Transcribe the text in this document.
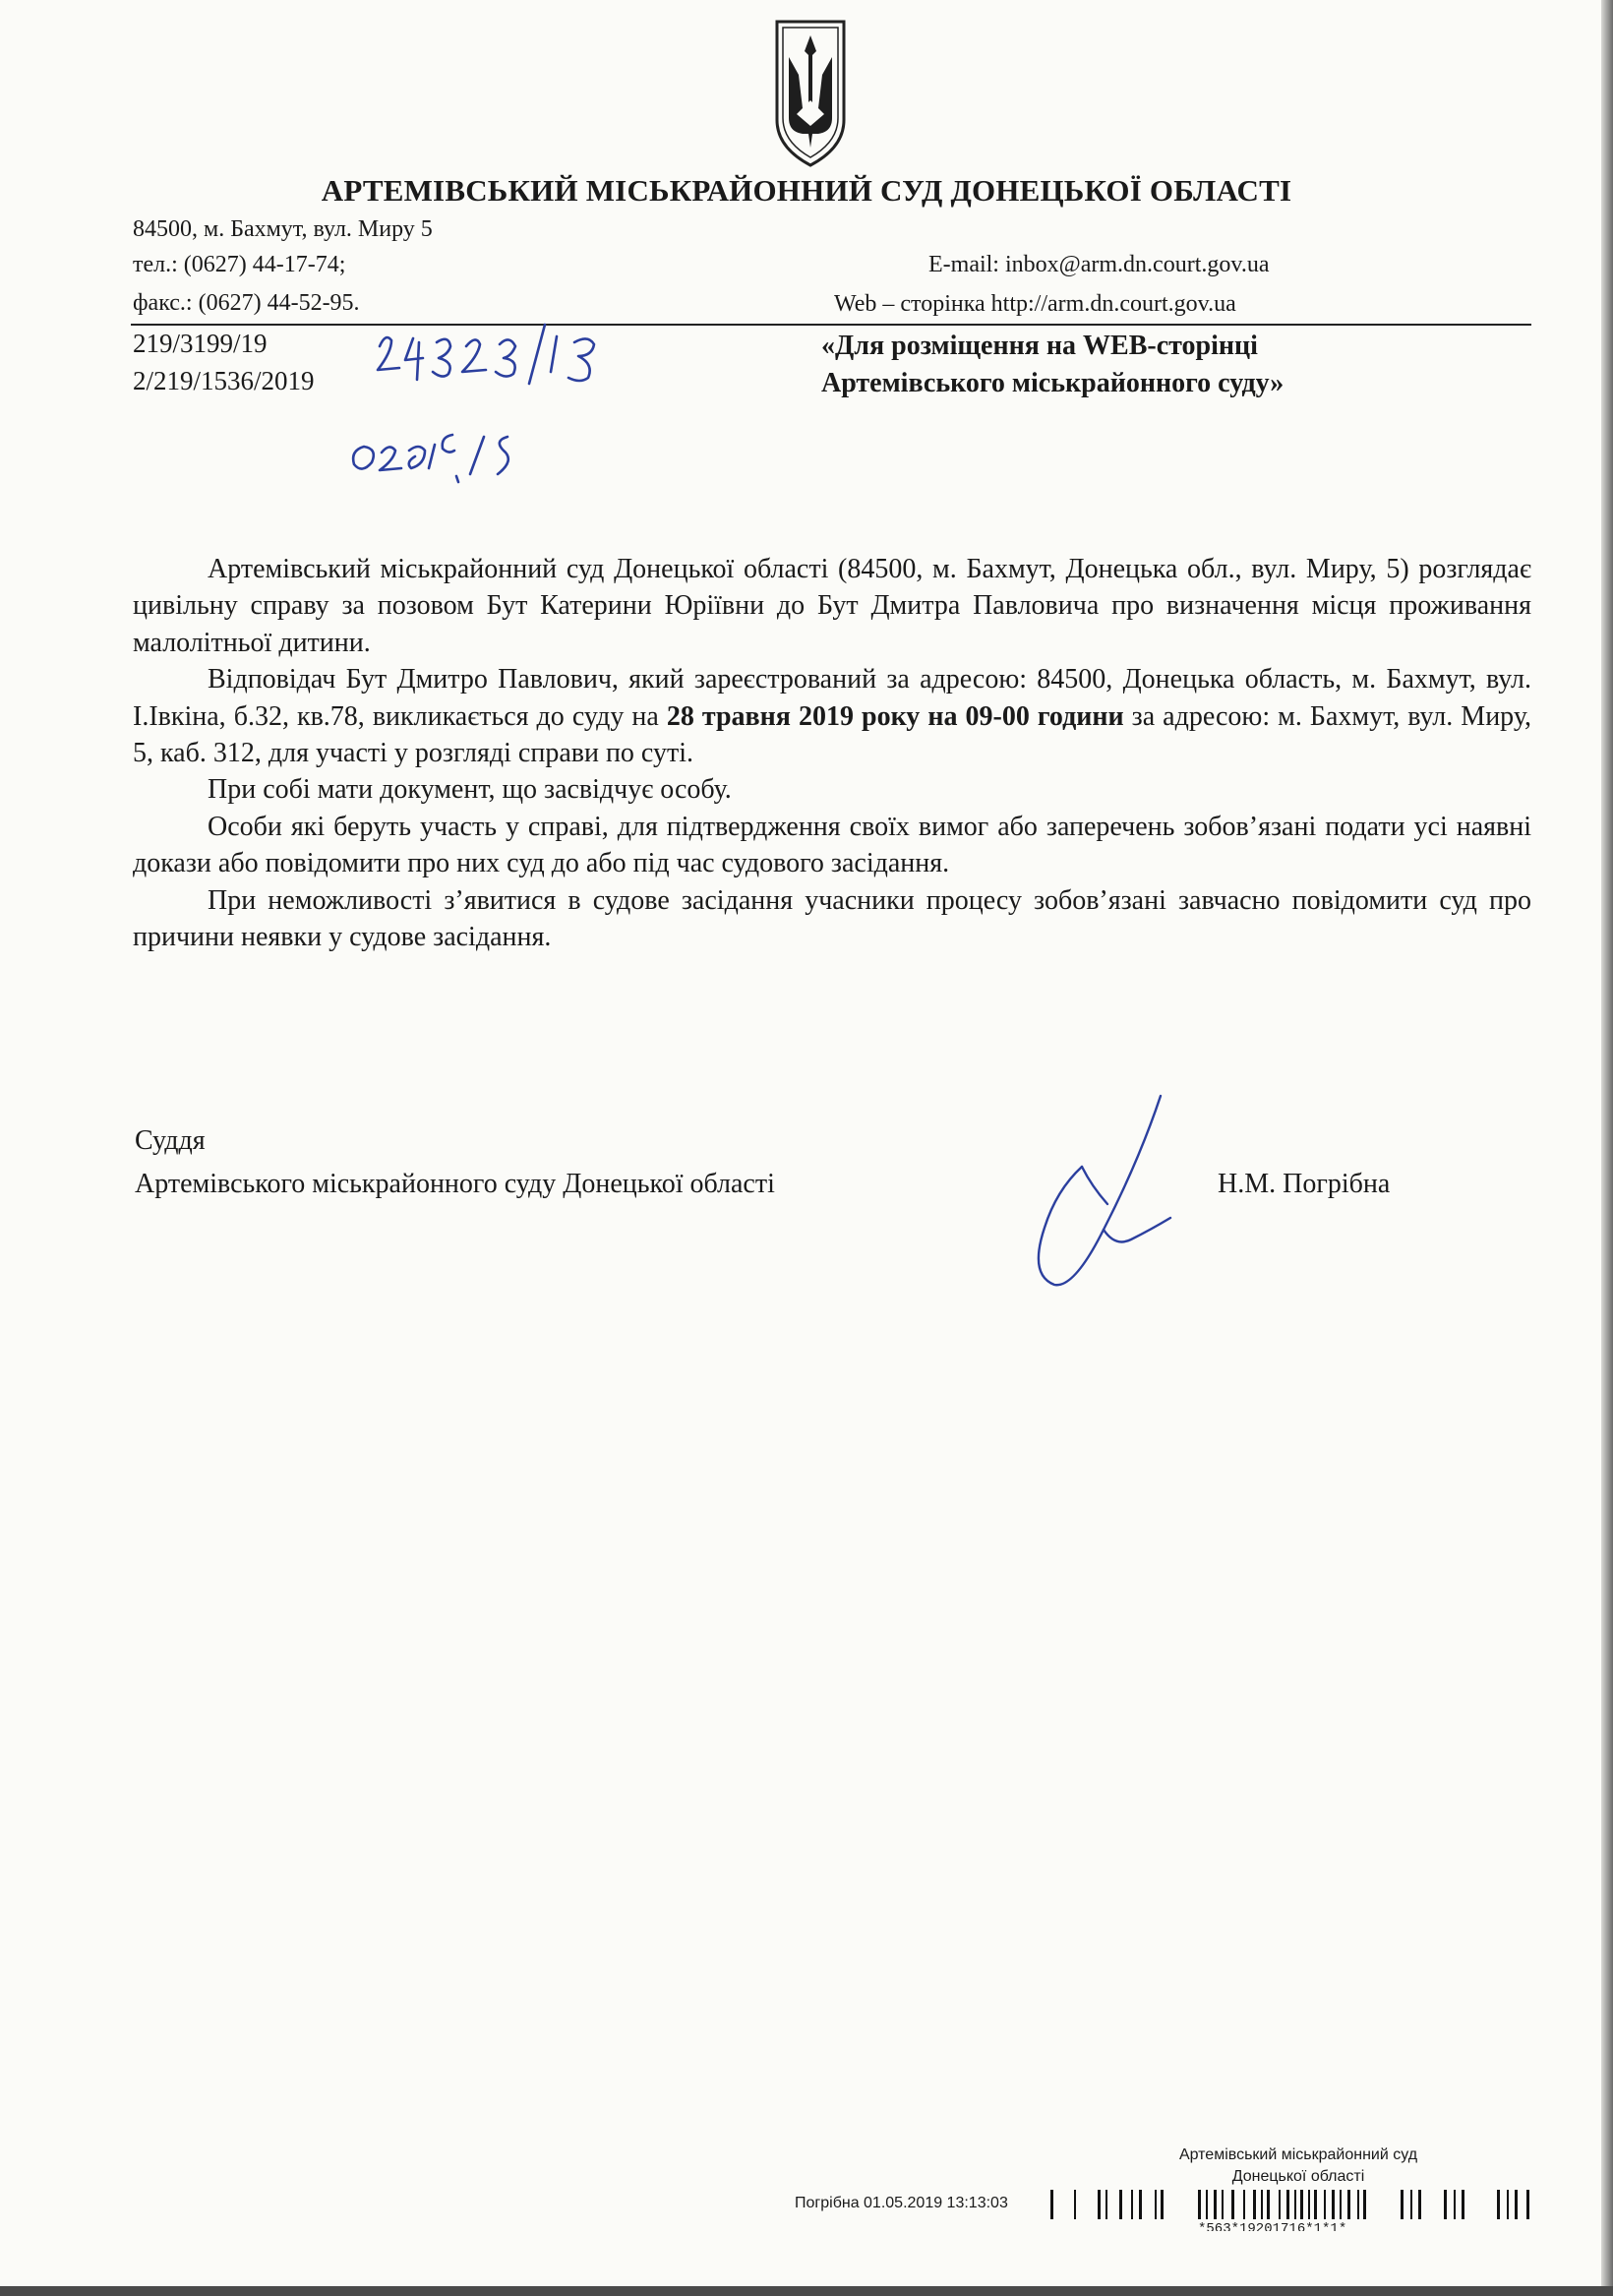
АРТЕМІВСЬКИЙ МІСЬКРАЙОННИЙ СУД ДОНЕЦЬКОЇ ОБЛАСТІ
84500, м. Бахмут, вул. Миру 5
тел.: (0627) 44-17-74;
факс.: (0627) 44-52-95.
E-mail: inbox@arm.dn.court.gov.ua
Web – сторінка http://arm.dn.court.gov.ua
219/3199/19
2/219/1536/2019
«Для розміщення на WEB-сторінці
Артемівського міськрайонного суду»

Артемівський міськрайонний суд Донецької області (84500, м. Бахмут, Донецька обл., вул. Миру, 5) розглядає цивільну справу за позовом Бут Катерини Юріївни до Бут Дмитра Павловича про визначення місця проживання малолітньої дитини.

Відповідач Бут Дмитро Павлович, який зареєстрований за адресою: 84500, Донецька область, м. Бахмут, вул. І.Івкіна, б.32, кв.78, викликається до суду на 28 травня 2019 року на 09-00 години за адресою: м. Бахмут, вул. Миру, 5, каб. 312, для участі у розгляді справи по суті.

При собі мати документ, що засвідчує особу.

Особи які беруть участь у справі, для підтвердження своїх вимог або заперечень зобов’язані подати усі наявні докази або повідомити про них суд до або під час судового засідання.

При неможливості з’явитися в судове засідання учасники процесу зобов’язані завчасно повідомити суд про причини неявки у судове засідання.

Суддя
Артемівського міськрайонного суду Донецької області	Н.М. Погрібна
Артемівський міськрайонний суд
Донецької області
Погрібна 01.05.2019 13:13:03
*563*19201716*1*1*
